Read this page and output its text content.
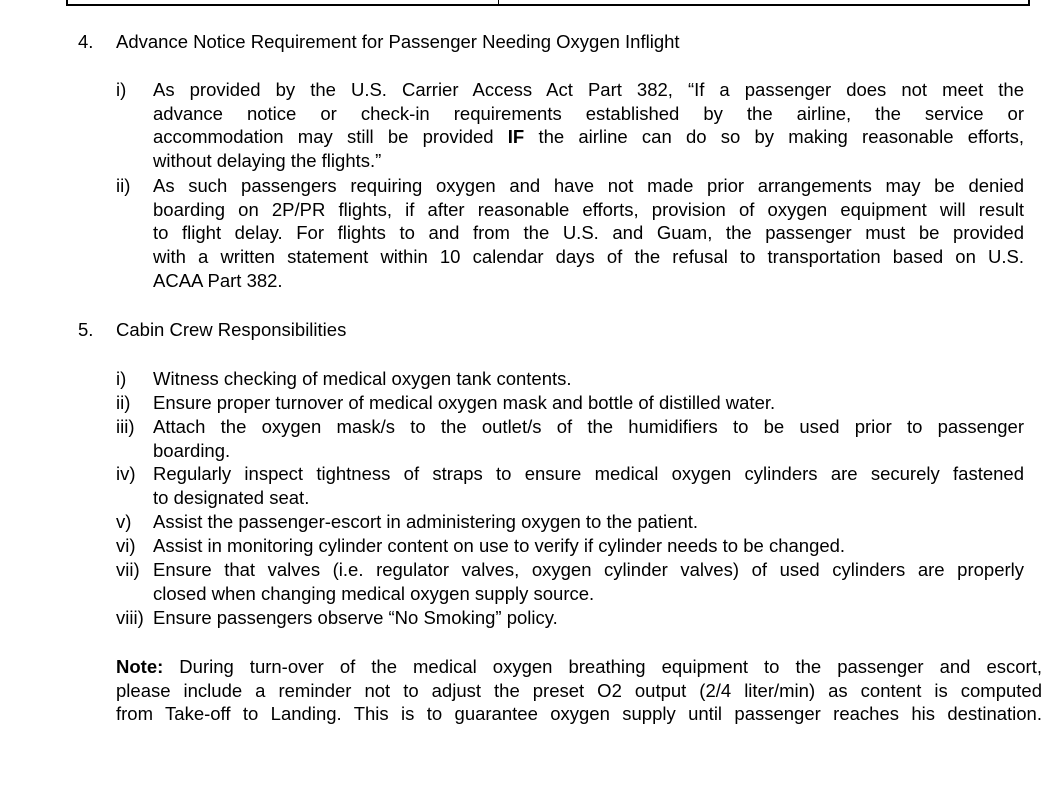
4. Advance Notice Requirement for Passenger Needing Oxygen Inflight
i) As provided by the U.S. Carrier Access Act Part 382, “If a passenger does not meet the
advance notice or check-in requirements established by the airline, the service or
accommodation may still be provided IF the airline can do so by making reasonable efforts,
without delaying the flights.”
ii) As such passengers requiring oxygen and have not made prior arrangements may be denied
boarding on 2P/PR flights, if after reasonable efforts, provision of oxygen equipment will result
to flight delay. For flights to and from the U.S. and Guam, the passenger must be provided
with a written statement within 10 calendar days of the refusal to transportation based on U.S.
ACAA Part 382.
5. Cabin Crew Responsibilities
i) Witness checking of medical oxygen tank contents.
ii) Ensure proper turnover of medical oxygen mask and bottle of distilled water.
iii) Attach the oxygen mask/s to the outlet/s of the humidifiers to be used prior to passenger
boarding.
iv) Regularly inspect tightness of straps to ensure medical oxygen cylinders are securely fastened
to designated seat.
v) Assist the passenger-escort in administering oxygen to the patient.
vi) Assist in monitoring cylinder content on use to verify if cylinder needs to be changed.
vii) Ensure that valves (i.e. regulator valves, oxygen cylinder valves) of used cylinders are properly
closed when changing medical oxygen supply source.
viii) Ensure passengers observe “No Smoking” policy.
Note: During turn-over of the medical oxygen breathing equipment to the passenger and escort,
please include a reminder not to adjust the preset O2 output (2/4 liter/min) as content is computed
from Take-off to Landing. This is to guarantee oxygen supply until passenger reaches his destination.
